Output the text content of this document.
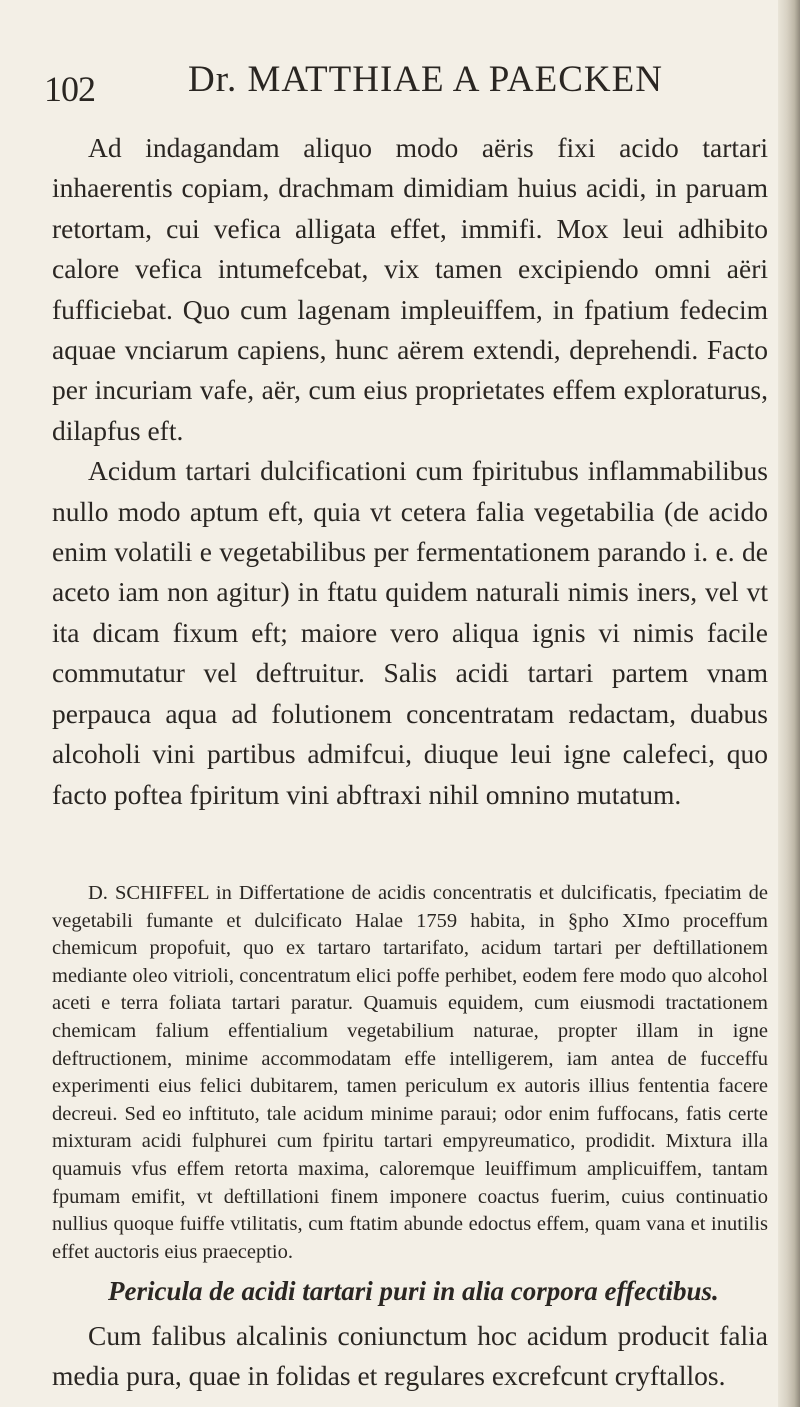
102	Dr. MATTHIAE A PAECKEN

Ad indagandam aliquo modo aëris fixi acido tartari inhaerentis copiam, drachmam dimidiam huius acidi, in paruam retortam, cui vefica alligata effet, immifi. Mox leui adhibito calore vefica intumefcebat, vix tamen excipiendo omni aëri fufficiebat. Quo cum lagenam impleuiffem, in fpatium fedecim aquae vnciarum capiens, hunc aërem extendi, deprehendi. Facto per incuriam vafe, aër, cum eius proprietates effem exploraturus, dilapfus eft.

Acidum tartari dulcificationi cum fpiritubus inflammabilibus nullo modo aptum eft, quia vt cetera falia vegetabilia (de acido enim volatili e vegetabilibus per fermentationem parando i. e. de aceto iam non agitur) in ftatu quidem naturali nimis iners, vel vt ita dicam fixum eft; maiore vero aliqua ignis vi nimis facile commutatur vel deftruitur. Salis acidi tartari partem vnam perpauca aqua ad folutionem concentratam redactam, duabus alcoholi vini partibus admifcui, diuque leui igne calefeci, quo facto poftea fpiritum vini abftraxi nihil omnino mutatum.

D. SCHIFFEL in Differtatione de acidis concentratis et dulcificatis, fpeciatim de vegetabili fumante et dulcificato Halae 1759 habita, in §pho XImo proceffum chemicum propofuit, quo ex tartaro tartarifato, acidum tartari per deftillationem mediante oleo vitrioli, concentratum elici poffe perhibet, eodem fere modo quo alcohol aceti e terra foliata tartari paratur. Quamuis equidem, cum eiusmodi tractationem chemicam falium effentialium vegetabilium naturae, propter illam in igne deftructionem, minime accommodatam effe intelligerem, iam antea de fucceffu experimenti eius felici dubitarem, tamen periculum ex autoris illius fententia facere decreui. Sed eo inftituto, tale acidum minime paraui; odor enim fuffocans, fatis certe mixturam acidi fulphurei cum fpiritu tartari empyreumatico, prodidit. Mixtura illa quamuis vfus effem retorta maxima, caloremque leuiffimum amplicuiffem, tantam fpumam emifit, vt deftillationi finem imponere coactus fuerim, cuius continuatio nullius quoque fuiffe vtilitatis, cum ftatim abunde edoctus effem, quam vana et inutilis effet auctoris eius praeceptio.

Pericula de acidi tartari puri in alia corpora effectibus.

Cum falibus alcalinis coniunctum hoc acidum producit falia media pura, quae in folidas et regulares excrefcunt cryftallos.
